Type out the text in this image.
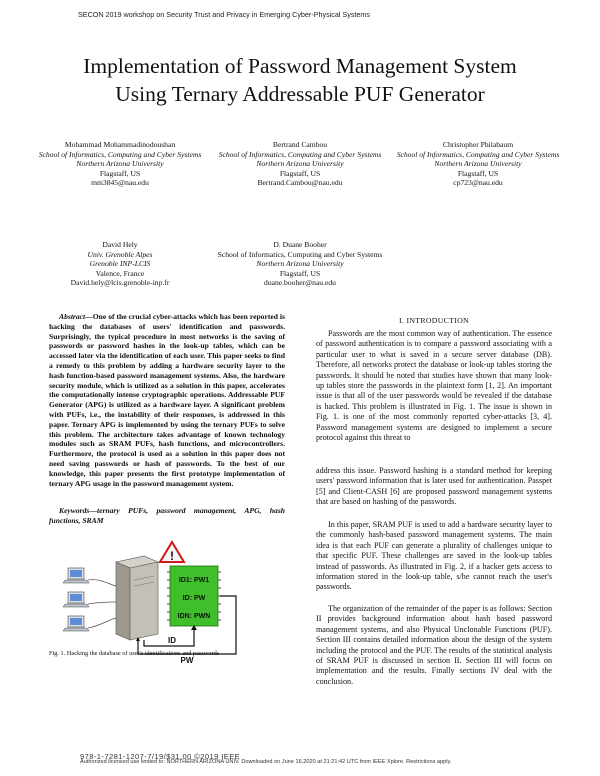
SECON 2019 workshop on Security Trust and Privacy in Emerging Cyber-Physical Systems
Implementation of Password Management System
Using Ternary Addressable PUF Generator
Mohammad Mohammadinodoushan
School of Informatics, Computing and Cyber Systems
Northern Arizona University
Flagstaff, US
mm3845@nau.edu
Bertrand Cambou
School of Informatics, Computing and Cyber Systems
Northern Arizona University
Flagstaff, US
Bertrand.Cambou@nau.edu
Christopher Philabaum
School of Informatics, Computing and Cyber Systems
Northern Arizona University
Flagstaff, US
cp723@nau.edu
David Hely
Univ. Grenoble Alpes
Grenoble INP-LCIS
Valence, France
David.hely@lcis.grenoble-inp.fr
D. Duane Booher
School of Informatics, Computing and Cyber Systems
Northern Arizona University
Flagstaff, US
duane.booher@nau.edu
Abstract—One of the crucial cyber-attacks which has been reported is hacking the databases of users' identification and passwords. Surprisingly, the typical procedure in most networks is the saving of passwords or password hashes in the look-up tables, which can be accessed later via the identification of each user. This paper seeks to find a remedy to this problem by adding a hardware security layer to the hash function-based password management systems. Also, the hardware security module, which is utilized as a solution in this paper, accelerates the computationally intense cryptographic operations. Addressable PUF Generator (APG) is utilized as a hardware layer. A significant problem with PUFs, i.e., the instability of their responses, is addressed in this paper. Ternary APG is implemented by using the ternary PUFs to solve this problem. The architecture takes advantage of known technology modules such as SRAM PUFs, hash functions, and microcontrollers. Furthermore, the protocol is used as a solution in this paper does not need saving passwords or hash of passwords. To the best of our knowledge, this paper presents the first prototype implementation of ternary APG usage in the password management system.
Keywords—ternary PUFs, password management, APG, hash functions, SRAM
!
ID1: PW1
ID: PW
IDN: PWN
ID
PW
Fig. 1. Hacking the database of user's identifications and passwords
I. INTRODUCTION
Passwords are the most common way of authentication. The essence of password authentication is to compare a password associating with a particular user to what is saved in a secure server database (DB). Therefore, all networks protect the database or look-up tables storing the passwords. It should be noted that studies have shown that many look-up tables store the passwords in the plaintext form [1, 2]. An important issue is that all of the user passwords would be revealed if the database is hacked. This problem is illustrated in Fig. 1. The issue is shown in Fig. 1. is one of the most commonly reported cyber-attacks [3, 4]. Password management systems are designed to implement a secure protocol against this threat to
address this issue. Password hashing is a standard method for keeping users' password information that is later used for authentication. Passpet [5] and Client-CASH [6] are proposed password management systems that are based on hashing of the passwords.
In this paper, SRAM PUF is used to add a hardware security layer to the commonly hash-based password management systems. The main idea is that each PUF can generate a plurality of challenges unique to that specific PUF. These challenges are saved in the look-up tables instead of passwords. As illustrated in Fig. 2, if a hacker gets access to information stored in the look-up table, s/he cannot reach the user's passwords.
The organization of the remainder of the paper is as follows: Section II provides background information about hash based password management systems, and also Physical Unclonable Functions (PUF). Section III contains detailed information about the design of the system including the protocol and the PUF. The results of the statistical analysis of SRAM PUF is discussed in section II. Section III will focus on implementation and the results. Finally sections IV deal with the conclusion.
978-1-7281-1207-7/19/$31.00 ©2019 IEEE
Authorized licensed use limited to: NORTHERN ARIZONA UNIV. Downloaded on June 16,2020 at 21:21:42 UTC from IEEE Xplore. Restrictions apply.
